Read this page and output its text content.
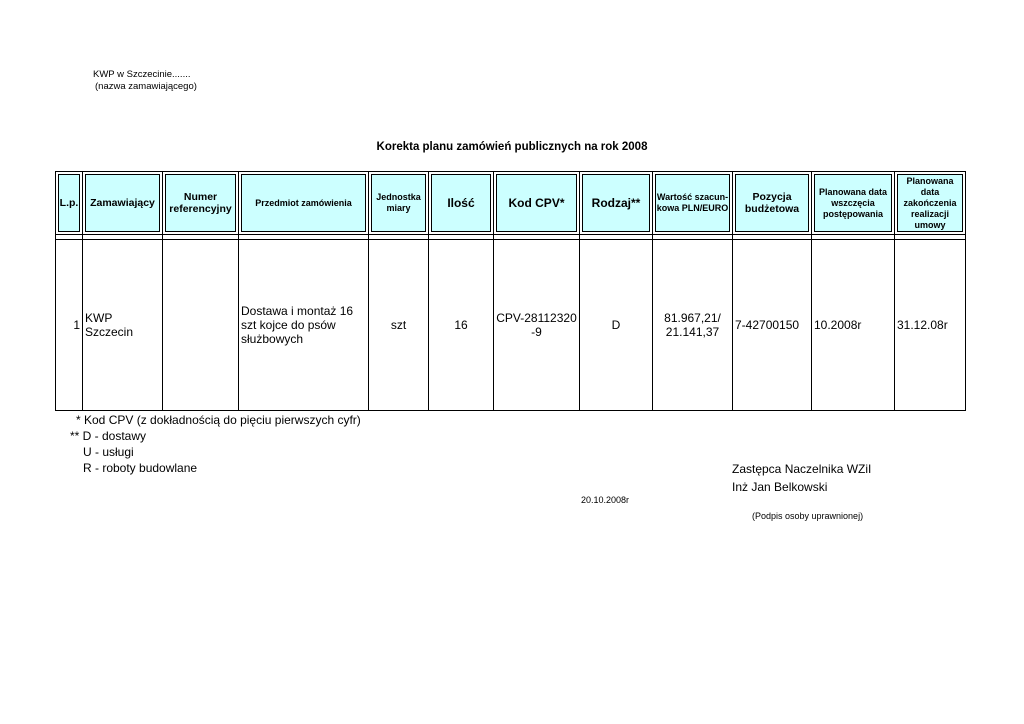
KWP w Szczecinie.......
(nazwa zamawiającego)
Korekta planu zamówień publicznych na rok 2008
L.p.	Zamawiający	Numer referencyjny	Przedmiot zamówienia	Jednostka miary	Ilość	Kod CPV*	Rodzaj**	Wartość szacun-kowa PLN/EURO	Pozycja budżetowa	Planowana data wszczęcia postępowania	Planowana data zakończenia realizacji umowy

1	KWP Szczecin		Dostawa i montaż 16 szt kojce do psów służbowych	szt	16	CPV-28112320 -9	D	81.967,21/ 21.141,37	7-42700150	10.2008r	31.12.08r
* Kod CPV (z dokładnością do pięciu pierwszych cyfr)
** D - dostawy
U - usługi
R - roboty budowlane	Zastępca Naczelnika WZiI
Inż Jan Belkowski
20.10.2008r
(Podpis osoby uprawnionej)
